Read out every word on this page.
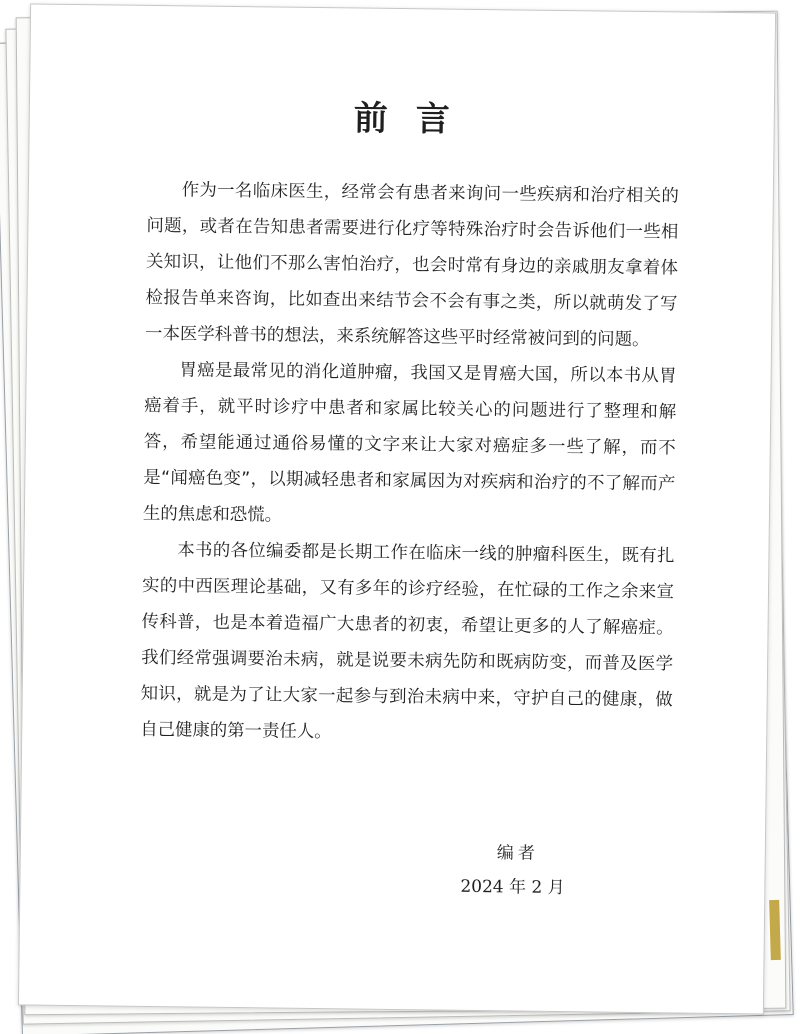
前言

作为一名临床医生，经常会有患者来询问一些疾病和治疗相关的问题，或者在告知患者需要进行化疗等特殊治疗时会告诉他们一些相关知识，让他们不那么害怕治疗，也会时常有身边的亲戚朋友拿着体检报告单来咨询，比如查出来结节会不会有事之类，所以就萌发了写一本医学科普书的想法，来系统解答这些平时经常被问到的问题。

胃癌是最常见的消化道肿瘤，我国又是胃癌大国，所以本书从胃癌着手，就平时诊疗中患者和家属比较关心的问题进行了整理和解答，希望能通过通俗易懂的文字来让大家对癌症多一些了解，而不是“闻癌色变”，以期减轻患者和家属因为对疾病和治疗的不了解而产生的焦虑和恐慌。

本书的各位编委都是长期工作在临床一线的肿瘤科医生，既有扎实的中西医理论基础，又有多年的诊疗经验，在忙碌的工作之余来宣传科普，也是本着造福广大患者的初衷，希望让更多的人了解癌症。我们经常强调要治未病，就是说要未病先防和既病防变，而普及医学知识，就是为了让大家一起参与到治未病中来，守护自己的健康，做自己健康的第一责任人。

编者
2024 年 2 月
